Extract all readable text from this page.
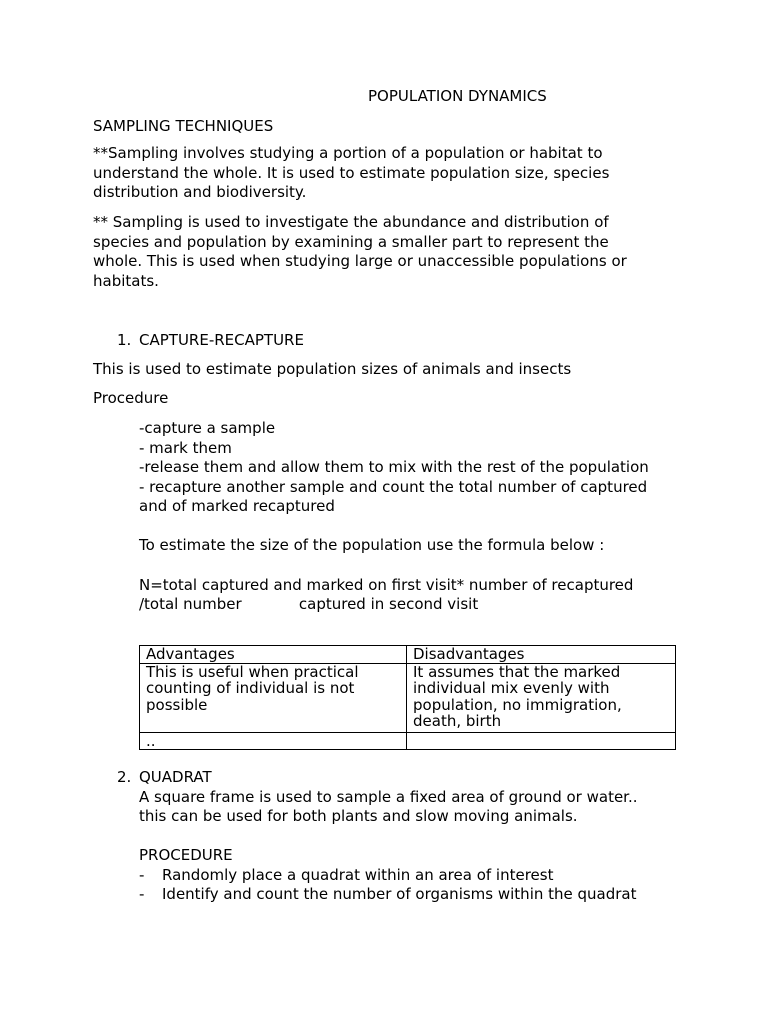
POPULATION DYNAMICS

SAMPLING TECHNIQUES

**Sampling involves studying a portion of a population or habitat to understand the whole. It is used to estimate population size, species distribution and biodiversity.

** Sampling is used to investigate the abundance and distribution of species and population by examining a smaller part to represent the whole. This is used when studying large or unaccessible populations or habitats.

1. CAPTURE-RECAPTURE

This is used to estimate population sizes of animals and insects

Procedure

-capture a sample

- mark them

-release them and allow them to mix with the rest of the population

- recapture another sample and count the total number of captured

and of marked recaptured

To estimate the size of the population use the formula below :

N=total captured and marked on first visit* number of recaptured

/total number            captured in second visit

Advantages	Disadvantages
This is useful when practical
counting of individual is not
possible	It assumes that the marked
individual mix evenly with
population, no immigration,
death, birth
..	
2. QUADRAT

A square frame is used to sample a fixed area of ground or water..

this can be used for both plants and slow moving animals.

PROCEDURE

- Randomly place a quadrat within an area of interest

- Identify and count the number of organisms within the quadrat
